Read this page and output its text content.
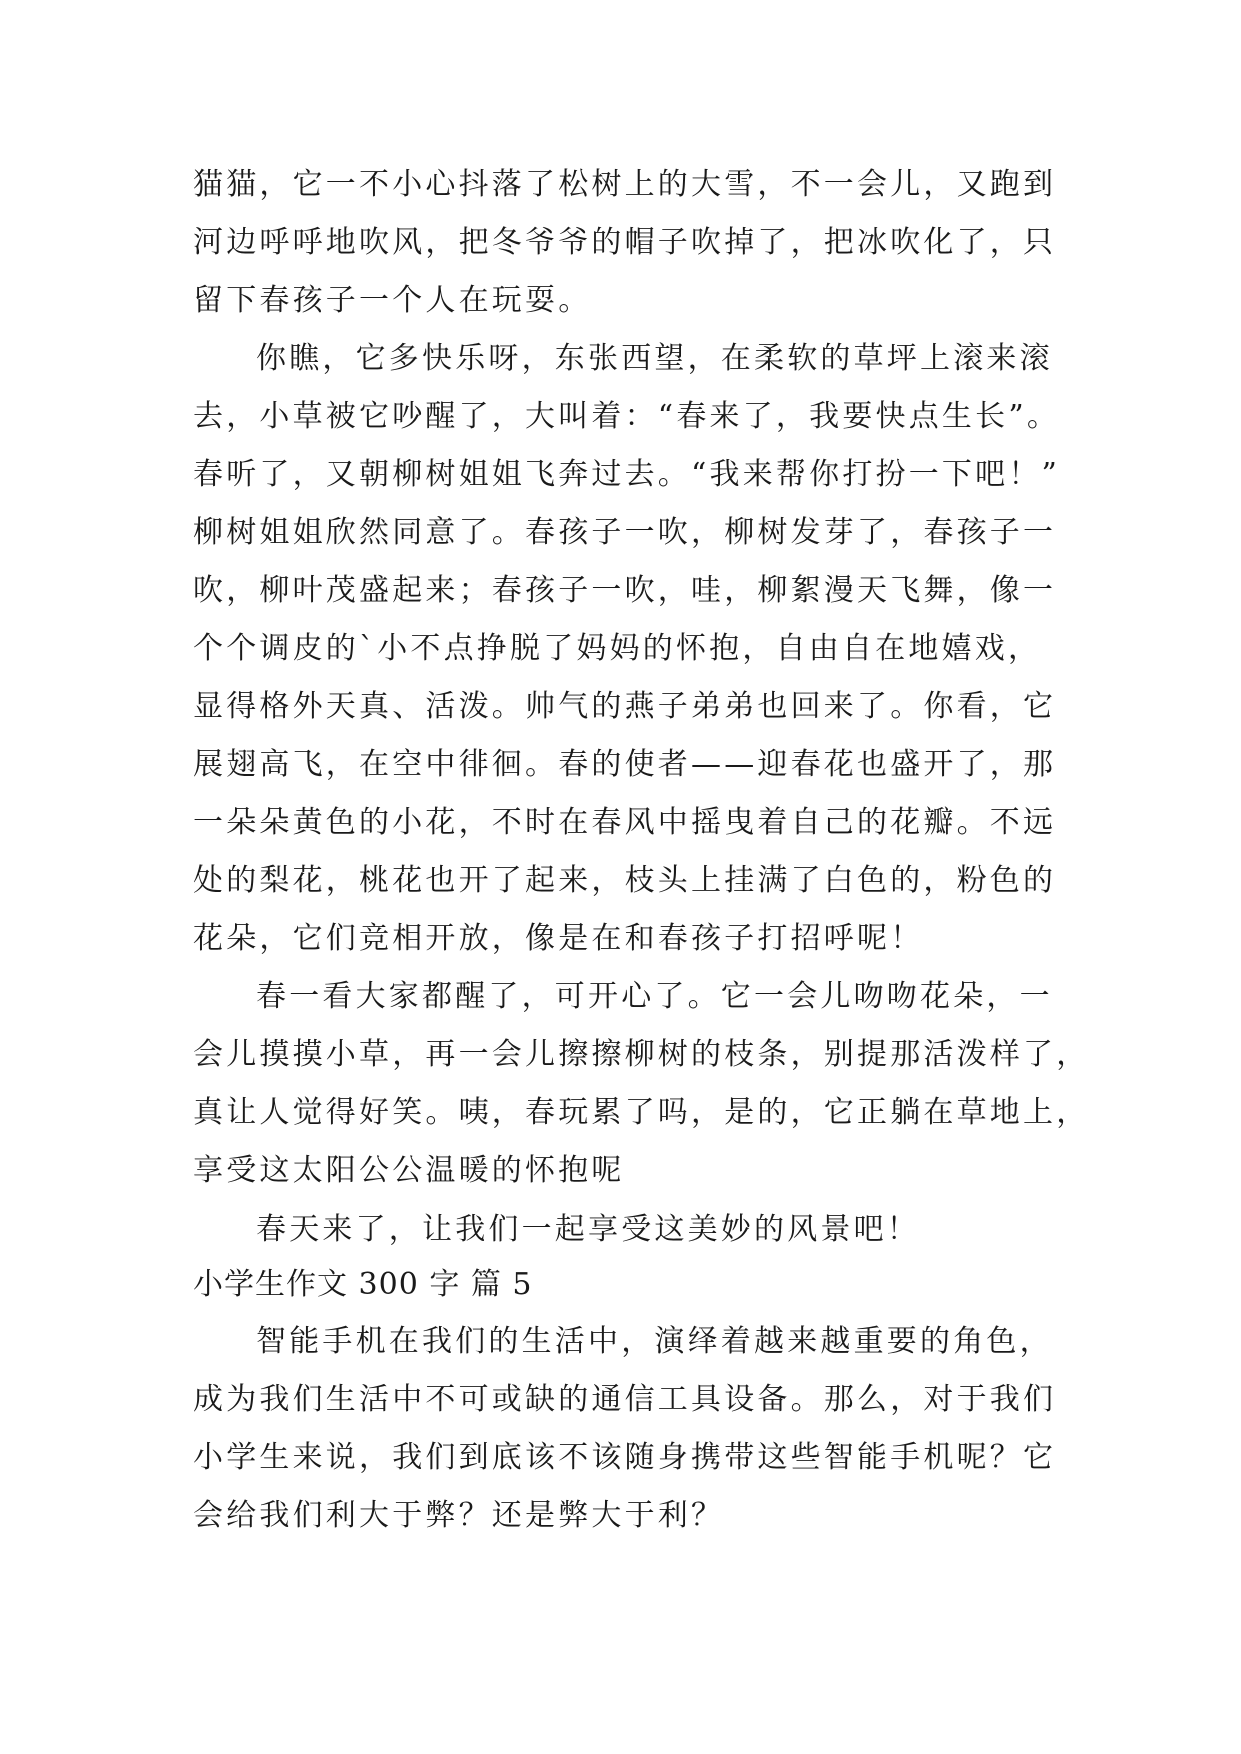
猫猫，它一不小心抖落了松树上的大雪，不一会儿，又跑到
河边呼呼地吹风，把冬爷爷的帽子吹掉了，把冰吹化了，只
留下春孩子一个人在玩耍。
你瞧，它多快乐呀，东张西望，在柔软的草坪上滚来滚
去，小草被它吵醒了，大叫着：“春来了，我要快点生长”。
春听了，又朝柳树姐姐飞奔过去。“我来帮你打扮一下吧！”
柳树姐姐欣然同意了。春孩子一吹，柳树发芽了，春孩子一
吹，柳叶茂盛起来；春孩子一吹，哇，柳絮漫天飞舞，像一
个个调皮的`小不点挣脱了妈妈的怀抱，自由自在地嬉戏，
显得格外天真、活泼。帅气的燕子弟弟也回来了。你看，它
展翅高飞，在空中徘徊。春的使者——迎春花也盛开了，那
一朵朵黄色的小花，不时在春风中摇曳着自己的花瓣。不远
处的梨花，桃花也开了起来，枝头上挂满了白色的，粉色的
花朵，它们竞相开放，像是在和春孩子打招呼呢！
春一看大家都醒了，可开心了。它一会儿吻吻花朵，一
会儿摸摸小草，再一会儿擦擦柳树的枝条，别提那活泼样了，
真让人觉得好笑。咦，春玩累了吗，是的，它正躺在草地上，
享受这太阳公公温暖的怀抱呢
春天来了，让我们一起享受这美妙的风景吧！
小学生作文 300 字 篇 5
智能手机在我们的生活中，演绎着越来越重要的角色，
成为我们生活中不可或缺的通信工具设备。那么，对于我们
小学生来说，我们到底该不该随身携带这些智能手机呢？它
会给我们利大于弊？还是弊大于利？
